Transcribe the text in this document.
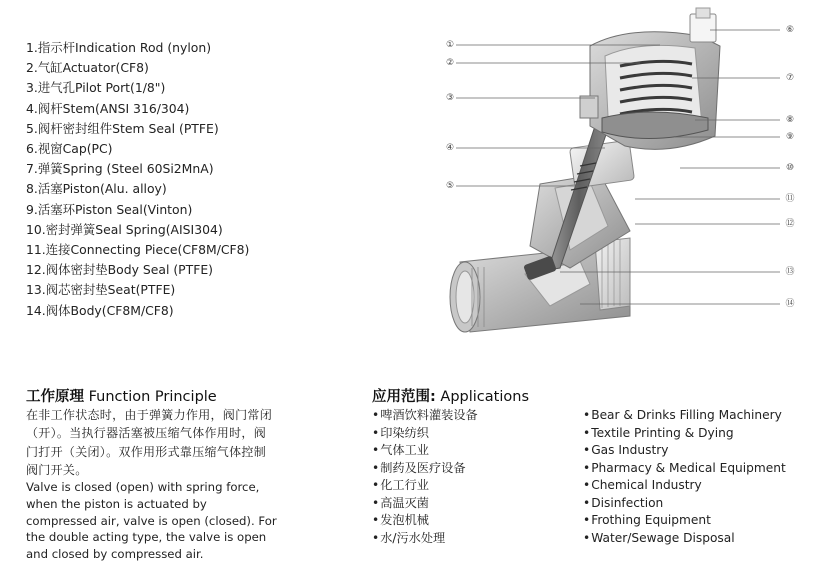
1.指示杆Indication Rod (nylon)
2.气缸Actuator(CF8)
3.进气孔Pilot Port(1/8")
4.阀杆Stem(ANSI 316/304)
5.阀杆密封组件Stem Seal (PTFE)
6.视窗Cap(PC)
7.弹簧Spring (Steel 60Si2MnA)
8.活塞Piston(Alu. alloy)
9.活塞环Piston Seal(Vinton)
10.密封弹簧Seal Spring(AISI304)
11.连接Connecting Piece(CF8M/CF8)
12.阀体密封垫Body Seal (PTFE)
13.阀芯密封垫Seat(PTFE)
14.阀体Body(CF8M/CF8)
①
②
③
④
⑤
⑥
⑦
⑧
⑨
⑩
⑪
⑫
⑬
⑭
工作原理 Function Principle

在非工作状态时，由于弹簧力作用，阀门常闭（开）。当执行器活塞被压缩气体作用时，阀门打开（关闭）。双作用形式靠压缩气体控制阀门开关。

Valve is closed (open) with spring force, when the piston is actuated by compressed air, valve is open (closed). For the double acting type, the valve is open and closed by compressed air.

应用范围: Applications
• 啤酒饮料灌装设备
• 印染纺织
• 气体工业
• 制药及医疗设备
• 化工行业
• 高温灭菌
• 发泡机械
• 水/污水处理
• Bear & Drinks Filling Machinery
• Textile Printing & Dying
• Gas Industry
• Pharmacy & Medical Equipment
• Chemical Industry
• Disinfection
• Frothing Equipment
• Water/Sewage Disposal
